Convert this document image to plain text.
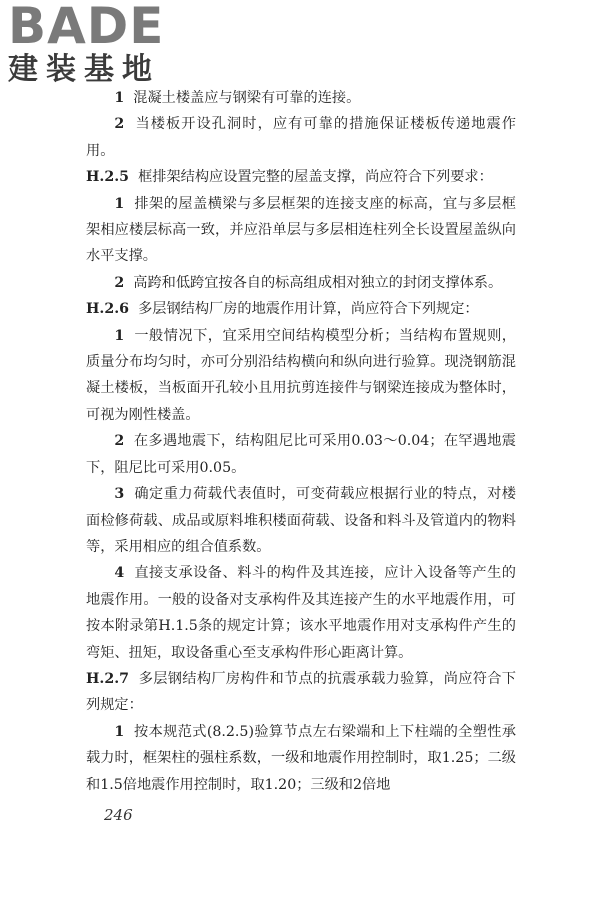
BADE
建装基地

1 混凝土楼盖应与钢梁有可靠的连接。

2 当楼板开设孔洞时，应有可靠的措施保证楼板传递地震作用。

H.2.5 框排架结构应设置完整的屋盖支撑，尚应符合下列要求：

1 排架的屋盖横梁与多层框架的连接支座的标高，宜与多层框架相应楼层标高一致，并应沿单层与多层相连柱列全长设置屋盖纵向水平支撑。

2 高跨和低跨宜按各自的标高组成相对独立的封闭支撑体系。

H.2.6 多层钢结构厂房的地震作用计算，尚应符合下列规定：

1 一般情况下，宜采用空间结构模型分析；当结构布置规则，质量分布均匀时，亦可分别沿结构横向和纵向进行验算。现浇钢筋混凝土楼板，当板面开孔较小且用抗剪连接件与钢梁连接成为整体时，可视为刚性楼盖。

2 在多遇地震下，结构阻尼比可采用0.03～0.04；在罕遇地震下，阻尼比可采用0.05。

3 确定重力荷载代表值时，可变荷载应根据行业的特点，对楼面检修荷载、成品或原料堆积楼面荷载、设备和料斗及管道内的物料等，采用相应的组合值系数。

4 直接支承设备、料斗的构件及其连接，应计入设备等产生的地震作用。一般的设备对支承构件及其连接产生的水平地震作用，可按本附录第H.1.5条的规定计算；该水平地震作用对支承构件产生的弯矩、扭矩，取设备重心至支承构件形心距离计算。

H.2.7 多层钢结构厂房构件和节点的抗震承载力验算，尚应符合下列规定：

1 按本规范式(8.2.5)验算节点左右梁端和上下柱端的全塑性承载力时，框架柱的强柱系数，一级和地震作用控制时，取1.25；二级和1.5倍地震作用控制时，取1.20；三级和2倍地

246
